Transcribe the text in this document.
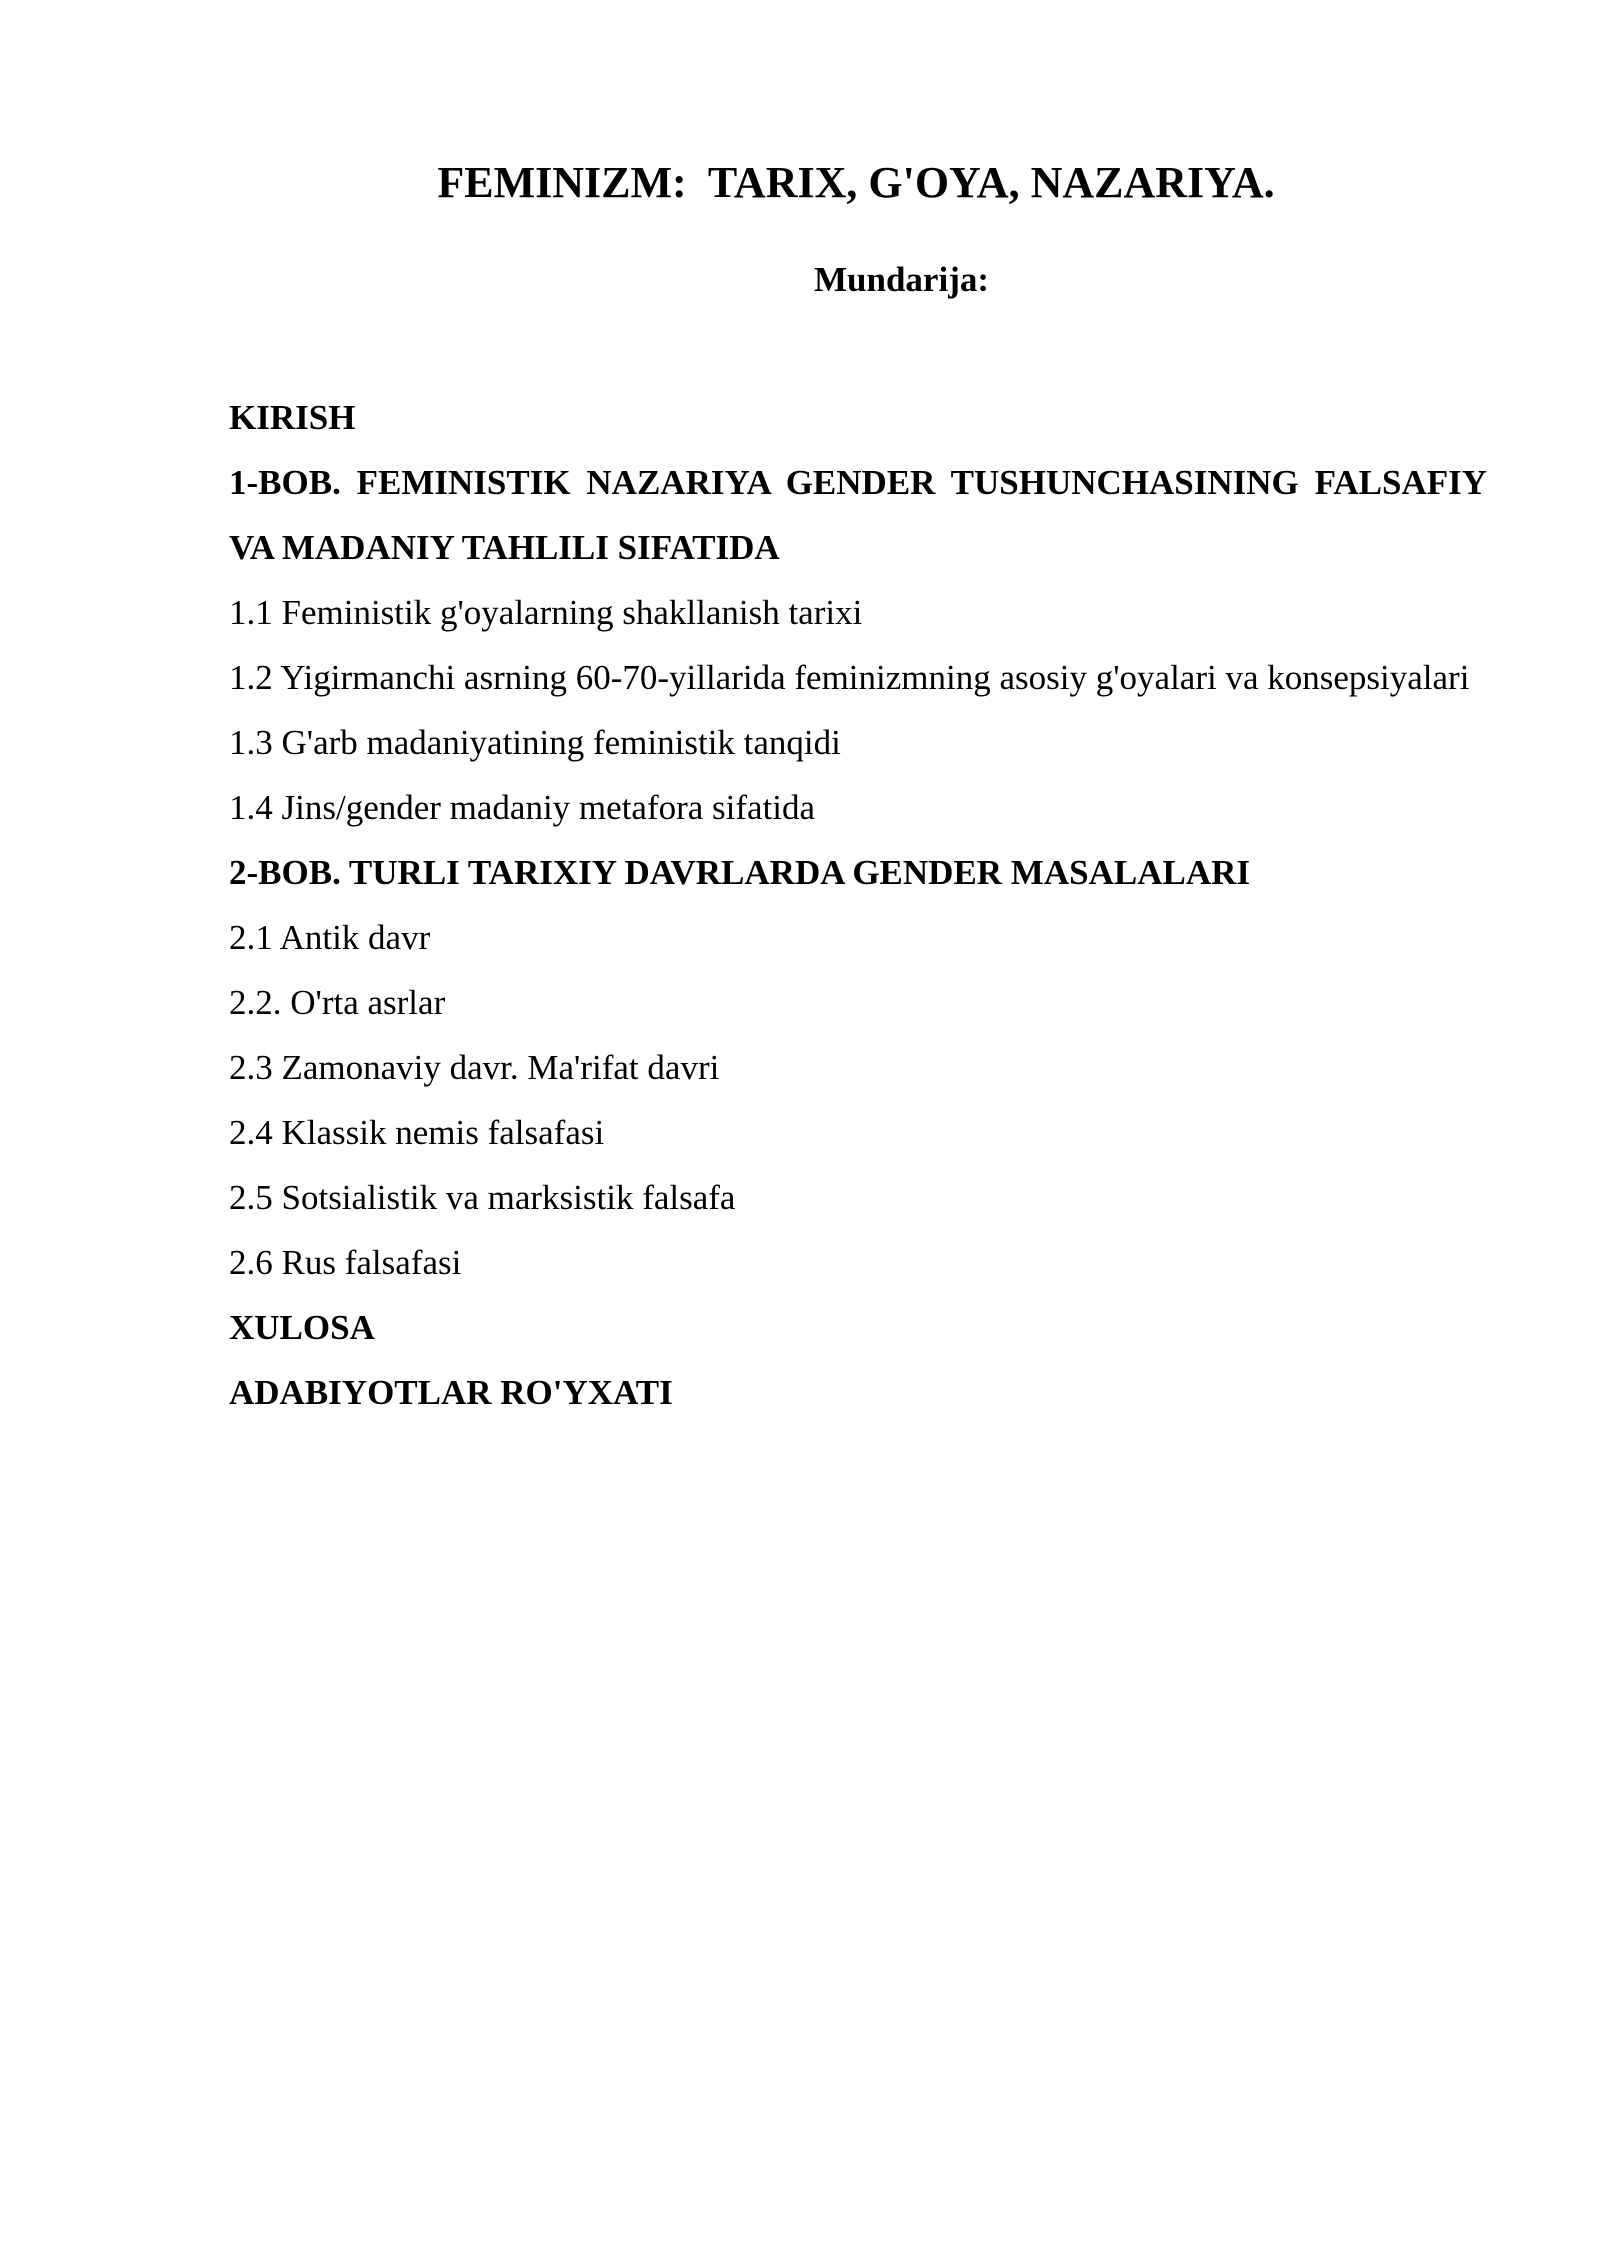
FEMINIZM:  TARIX, G'OYA, NAZARIYA.
Mundarija:
KIRISH
1-BOB. FEMINISTIK NAZARIYA GENDER TUSHUNCHASINING FALSAFIY VA MADANIY TAHLILI SIFATIDA
1.1 Feministik g'oyalarning shakllanish tarixi
1.2 Yigirmanchi asrning 60-70-yillarida feminizmning asosiy g'oyalari va konsepsiyalari
1.3 G'arb madaniyatining feministik tanqidi
1.4 Jins/gender madaniy metafora sifatida
2-BOB. TURLI TARIXIY DAVRLARDA GENDER MASALALARI
2.1 Antik davr
2.2. O'rta asrlar
2.3 Zamonaviy davr. Ma'rifat davri
2.4 Klassik nemis falsafasi
2.5 Sotsialistik va marksistik falsafa
2.6 Rus falsafasi
XULOSA
ADABIYOTLAR RO'YXATI
